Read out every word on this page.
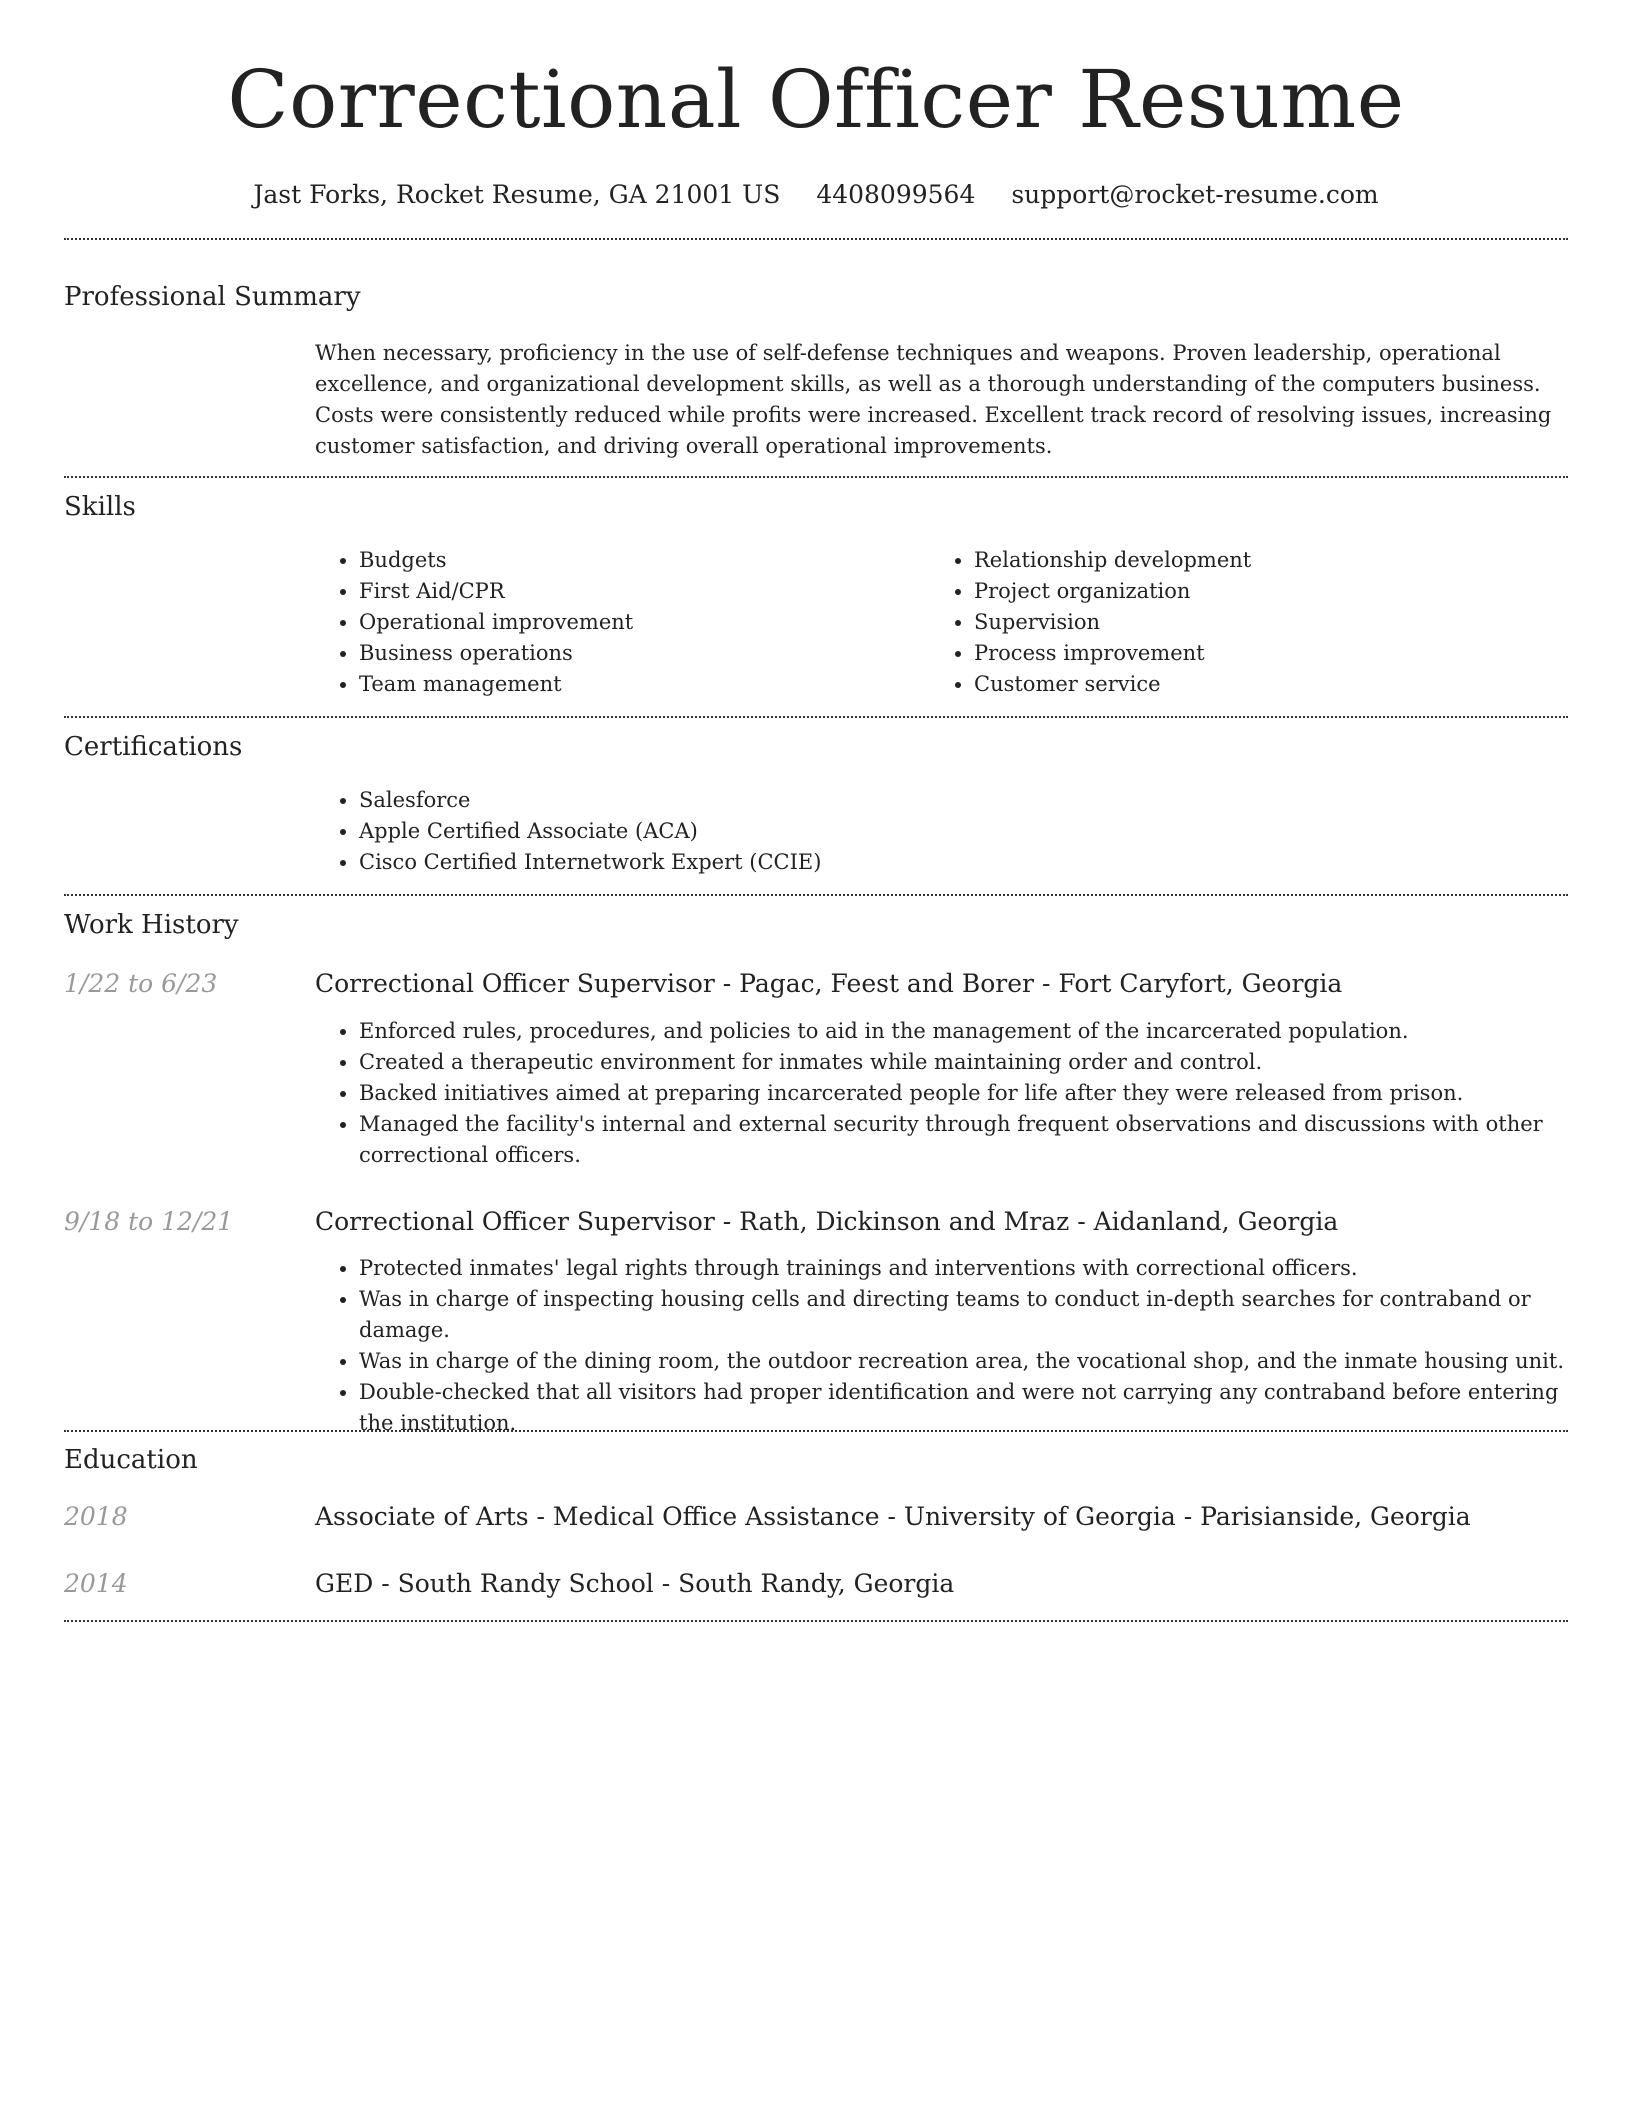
Correctional Officer Resume
Jast Forks, Rocket Resume, GA 21001 US 4408099564 support@rocket-resume.com
Professional Summary

When necessary, proficiency in the use of self-defense techniques and weapons. Proven leadership, operational excellence, and organizational development skills, as well as a thorough understanding of the computers business. Costs were consistently reduced while profits were increased. Excellent track record of resolving issues, increasing customer satisfaction, and driving overall operational improvements.

Skills
• Budgets
• First Aid/CPR
• Operational improvement
• Business operations
• Team management
• Relationship development
• Project organization
• Supervision
• Process improvement
• Customer service
Certifications
• Salesforce
• Apple Certified Associate (ACA)
• Cisco Certified Internetwork Expert (CCIE)
Work History
1/22 to 6/23	Correctional Officer Supervisor - Pagac, Feest and Borer - Fort Caryfort, Georgia

• Enforced rules, procedures, and policies to aid in the management of the incarcerated population.
• Created a therapeutic environment for inmates while maintaining order and control.
• Backed initiatives aimed at preparing incarcerated people for life after they were released from prison.
• Managed the facility's internal and external security through frequent observations and discussions with other correctional officers.
9/18 to 12/21	Correctional Officer Supervisor - Rath, Dickinson and Mraz - Aidanland, Georgia

• Protected inmates' legal rights through trainings and interventions with correctional officers.
• Was in charge of inspecting housing cells and directing teams to conduct in-depth searches for contraband or damage.
• Was in charge of the dining room, the outdoor recreation area, the vocational shop, and the inmate housing unit.
• Double-checked that all visitors had proper identification and were not carrying any contraband before entering the institution.
Education
2018	Associate of Arts - Medical Office Assistance - University of Georgia - Parisianside, Georgia

2014	GED - South Randy School - South Randy, Georgia
